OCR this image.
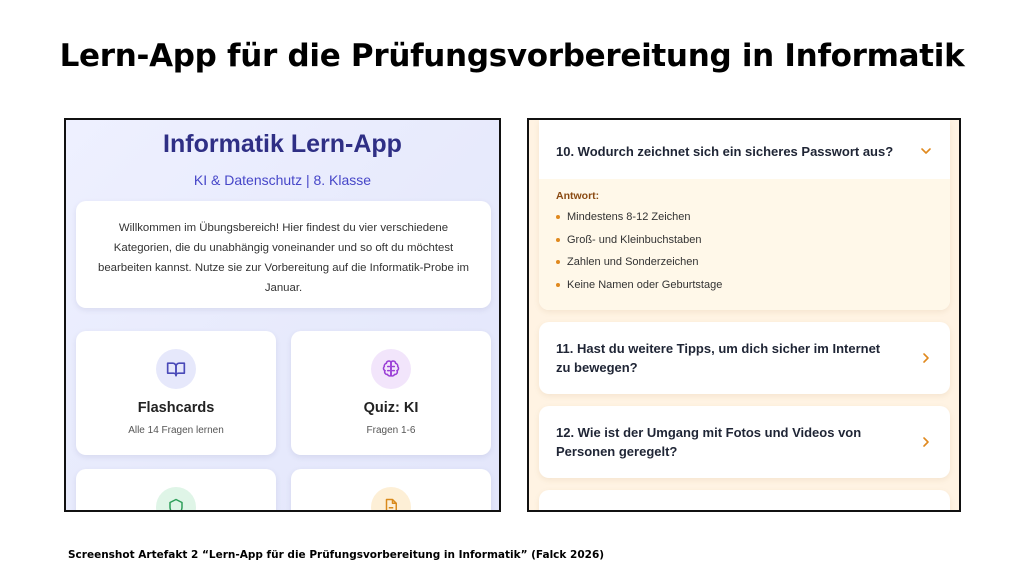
Lern-App für die Prüfungsvorbereitung in Informatik
Informatik Lern-App
KI & Datenschutz | 8. Klasse
Willkommen im Übungsbereich! Hier findest du vier verschiedene Kategorien, die du unabhängig voneinander und so oft du möchtest bearbeiten kannst. Nutze sie zur Vorbereitung auf die Informatik-Probe im Januar.
Flashcards
Alle 14 Fragen lernen
Quiz: KI
Fragen 1-6
10. Wodurch zeichnet sich ein sicheres Passwort aus?
Antwort:
Mindestens 8-12 Zeichen
Groß- und Kleinbuchstaben
Zahlen und Sonderzeichen
Keine Namen oder Geburtstage
11. Hast du weitere Tipps, um dich sicher im Internet zu bewegen?
12. Wie ist der Umgang mit Fotos und Videos von Personen geregelt?
Screenshot Artefakt 2 “Lern-App für die Prüfungsvorbereitung in Informatik” (Falck 2026)
